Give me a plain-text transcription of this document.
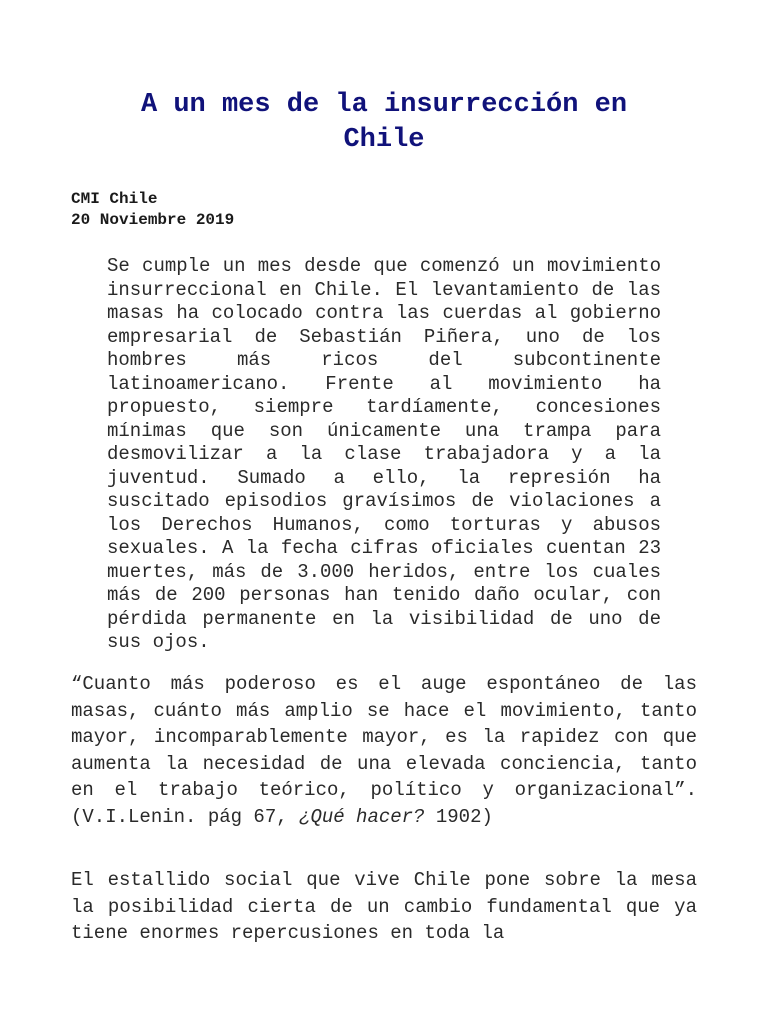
A un mes de la insurrección en Chile
CMI Chile
20 Noviembre 2019

Se cumple un mes desde que comenzó un movimiento insurreccional en Chile. El levantamiento de las masas ha colocado contra las cuerdas al gobierno empresarial de Sebastián Piñera, uno de los hombres más ricos del subcontinente latinoamericano. Frente al movimiento ha propuesto, siempre tardíamente, concesiones mínimas que son únicamente una trampa para desmovilizar a la clase trabajadora y a la juventud. Sumado a ello, la represión ha suscitado episodios gravísimos de violaciones a los Derechos Humanos, como torturas y abusos sexuales. A la fecha cifras oficiales cuentan 23 muertes, más de 3.000 heridos, entre los cuales más de 200 personas han tenido daño ocular, con pérdida permanente en la visibilidad de uno de sus ojos.

“Cuanto más poderoso es el auge espontáneo de las masas, cuánto más amplio se hace el movimiento, tanto mayor, incomparablemente mayor, es la rapidez con que aumenta la necesidad de una elevada conciencia, tanto en el trabajo teórico, político y organizacional”. (V.I.Lenin. pág 67, ¿Qué hacer? 1902)

El estallido social que vive Chile pone sobre la mesa la posibilidad cierta de un cambio fundamental que ya tiene enormes repercusiones en toda la
